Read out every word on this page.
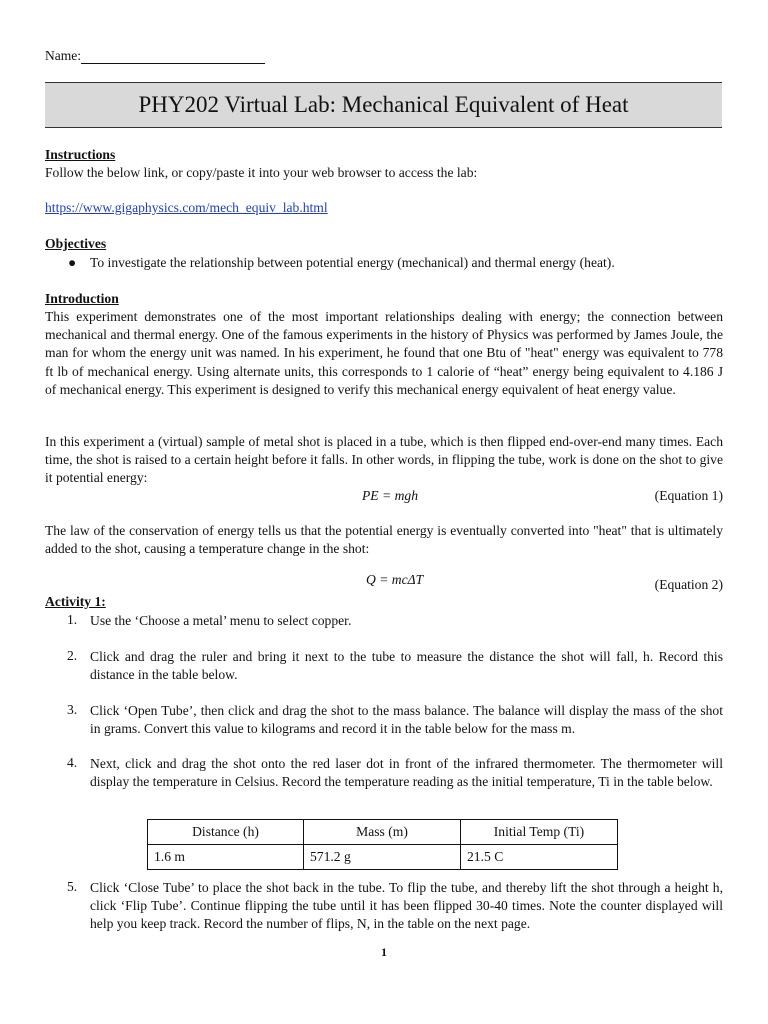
Name:
PHY202 Virtual Lab: Mechanical Equivalent of Heat
Instructions
Follow the below link, or copy/paste it into your web browser to access the lab:
https://www.gigaphysics.com/mech_equiv_lab.html
Objectives
● To investigate the relationship between potential energy (mechanical) and thermal energy (heat).
Introduction
This experiment demonstrates one of the most important relationships dealing with energy; the connection between mechanical and thermal energy. One of the famous experiments in the history of Physics was performed by James Joule, the man for whom the energy unit was named. In his experiment, he found that one Btu of "heat" energy was equivalent to 778 ft lb of mechanical energy. Using alternate units, this corresponds to 1 calorie of “heat” energy being equivalent to 4.186 J of mechanical energy. This experiment is designed to verify this mechanical energy equivalent of heat energy value.
In this experiment a (virtual) sample of metal shot is placed in a tube, which is then flipped end-over-end many times. Each time, the shot is raised to a certain height before it falls. In other words, in flipping the tube, work is done on the shot to give it potential energy:
PE = mgh	(Equation 1)
The law of the conservation of energy tells us that the potential energy is eventually converted into "heat" that is ultimately added to the shot, causing a temperature change in the shot:
Q = mcΔT	(Equation 2)
Activity 1:
1. Use the ‘Choose a metal’ menu to select copper.
2. Click and drag the ruler and bring it next to the tube to measure the distance the shot will fall, h. Record this distance in the table below.
3. Click ‘Open Tube’, then click and drag the shot to the mass balance. The balance will display the mass of the shot in grams. Convert this value to kilograms and record it in the table below for the mass m.
4. Next, click and drag the shot onto the red laser dot in front of the infrared thermometer. The thermometer will display the temperature in Celsius. Record the temperature reading as the initial temperature, Ti in the table below.
5. Click ‘Close Tube’ to place the shot back in the tube. To flip the tube, and thereby lift the shot through a height h, click ‘Flip Tube’. Continue flipping the tube until it has been flipped 30-40 times. Note the counter displayed will help you keep track. Record the number of flips, N, in the table on the next page.
Distance (h)	Mass (m)	Initial Temp (Ti)
1.6 m	571.2 g	21.5 C
1
